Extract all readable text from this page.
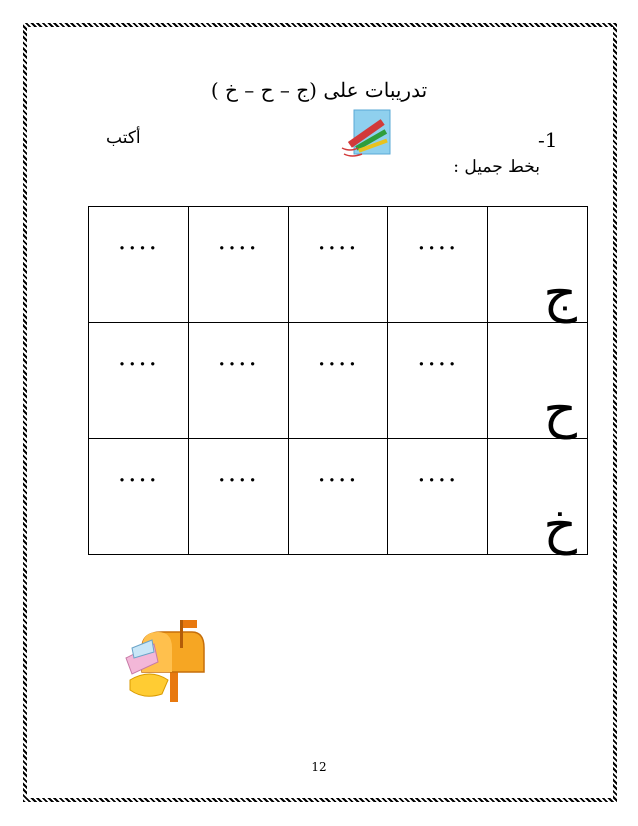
تدريبات على (ج – ح – خ )
-1
أكتب
بخط جميل :
....	....	....	....	ج

....	....	....	....	ح

....	....	....	....	خ
12
